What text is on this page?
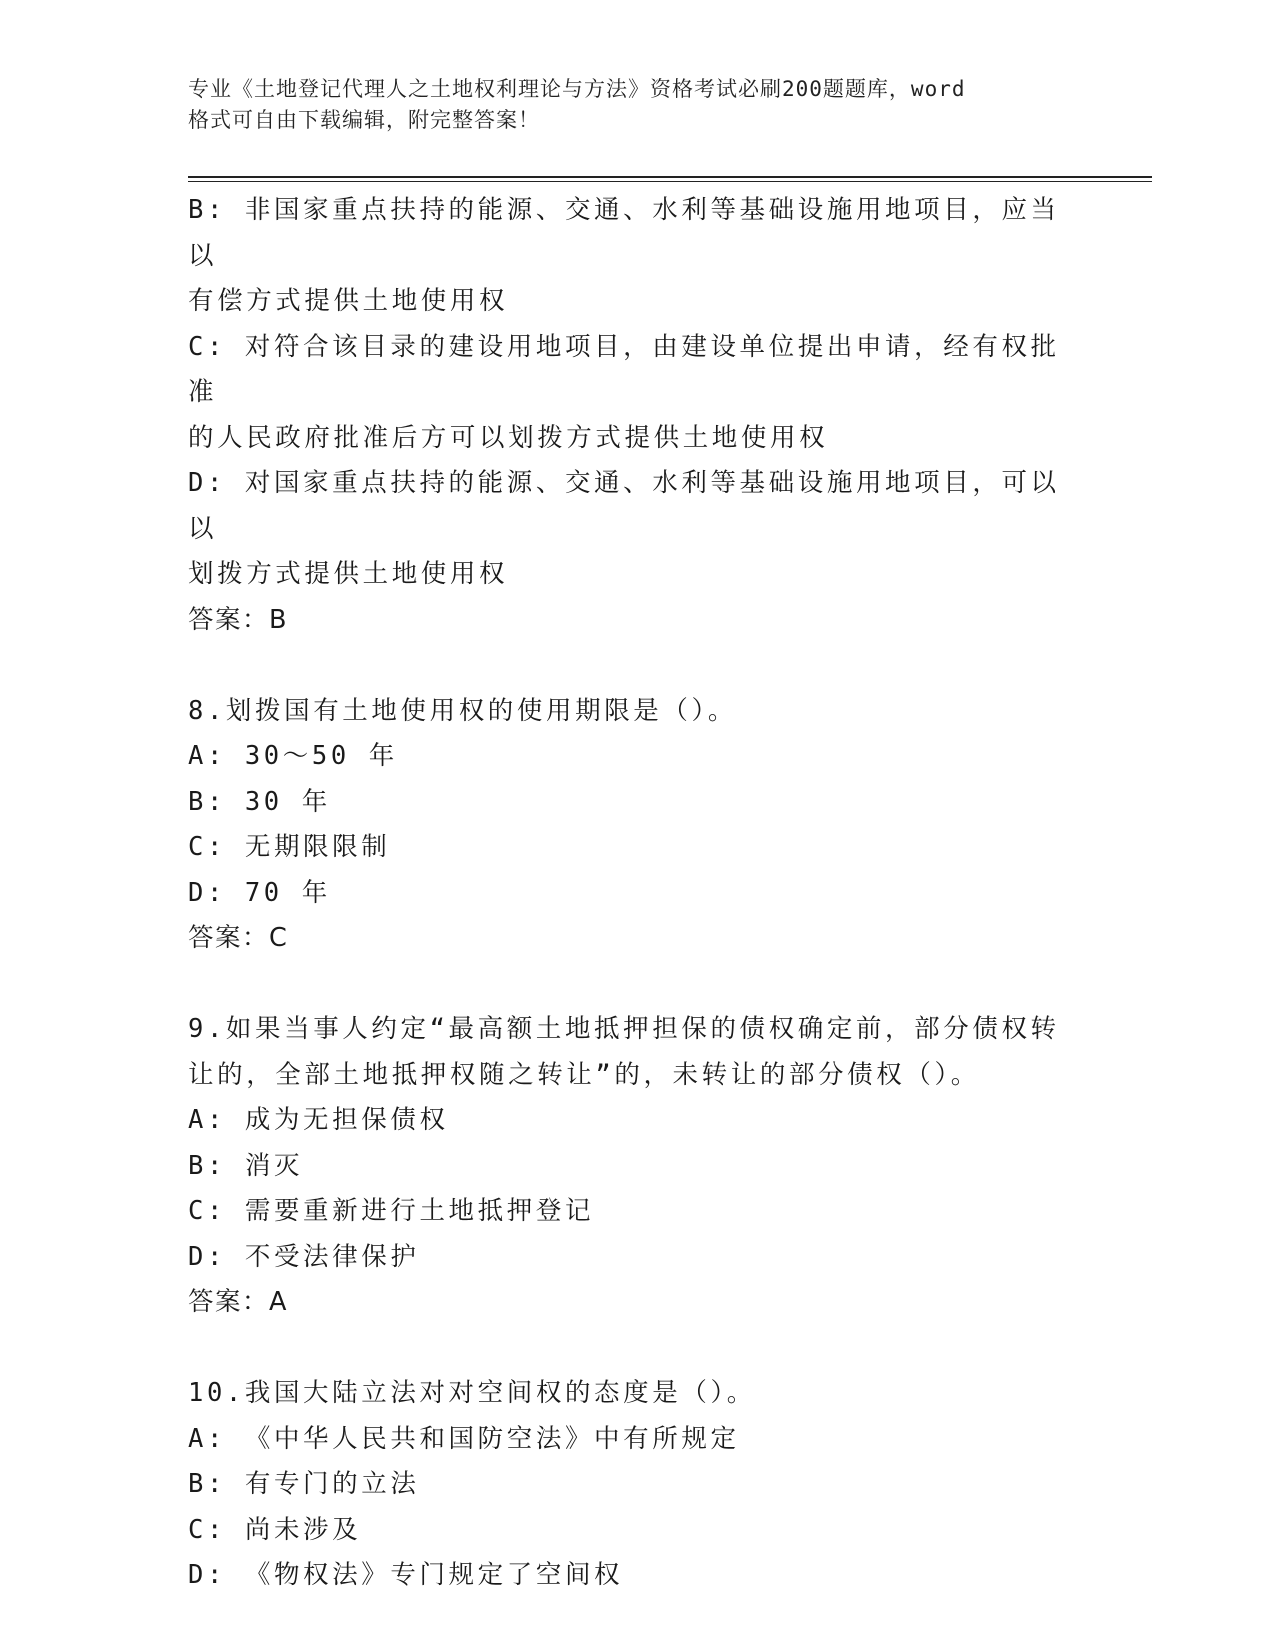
专业《土地登记代理人之土地权利理论与方法》资格考试必刷200题题库，word

格式可自由下载编辑，附完整答案！

B: 非国家重点扶持的能源、交通、水利等基础设施用地项目，应当以

有偿方式提供土地使用权

C: 对符合该目录的建设用地项目，由建设单位提出申请，经有权批准

的人民政府批准后方可以划拨方式提供土地使用权

D: 对国家重点扶持的能源、交通、水利等基础设施用地项目，可以以

划拨方式提供土地使用权

答案：B

8.划拨国有土地使用权的使用期限是（）。

A: 30～50 年

B: 30 年

C: 无期限限制

D: 70 年

答案：C

9.如果当事人约定“最高额土地抵押担保的债权确定前，部分债权转

让的，全部土地抵押权随之转让”的，未转让的部分债权（）。

A: 成为无担保债权

B: 消灭

C: 需要重新进行土地抵押登记

D: 不受法律保护

答案：A

10.我国大陆立法对对空间权的态度是（）。

A: 《中华人民共和国防空法》中有所规定

B: 有专门的立法

C: 尚未涉及

D: 《物权法》专门规定了空间权
